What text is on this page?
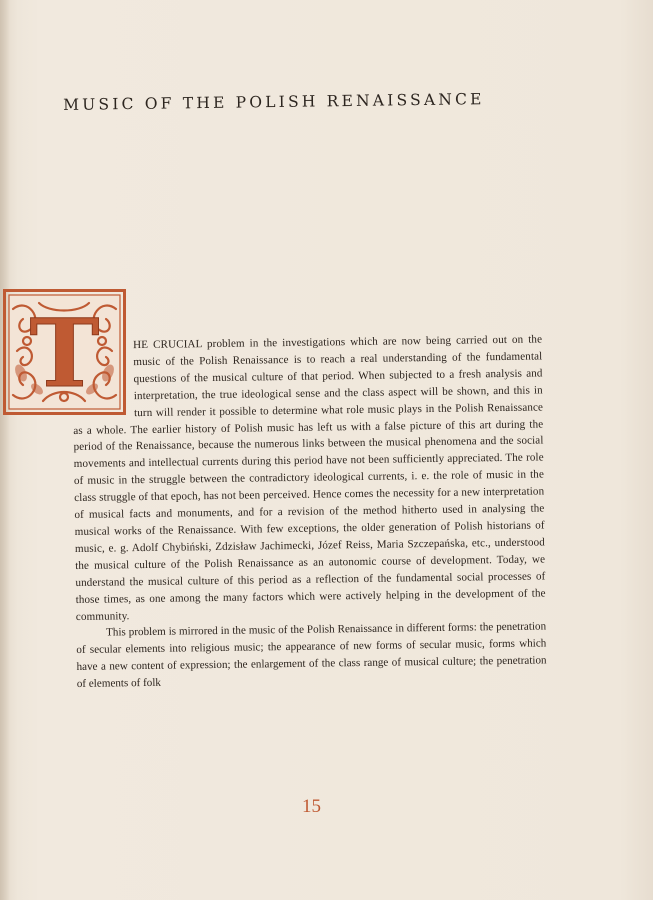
MUSIC OF THE POLISH RENAISSANCE
T	HE CRUCIAL problem in the investigations which are now being carried out on the music of the Polish Renaissance is to reach a real understanding of the fundamental questions of the musical culture of that period. When subjected to a fresh analysis and interpretation, the true ideological sense and the class aspect will be shown, and this in turn will render it possible to determine what role music plays in the Polish Renaissance as a whole. The earlier history of Polish music has left us with a false picture of this art during the period of the Renaissance, because the numerous links between the musical phenomena and the social movements and intellectual currents during this period have not been sufficiently appreciated. The role of music in the struggle between the contradictory ideological currents, i. e. the role of music in the class struggle of that epoch, has not been perceived. Hence comes the necessity for a new interpretation of musical facts and monuments, and for a revision of the method hitherto used in analysing the musical works of the Renaissance. With few exceptions, the older generation of Polish historians of music, e. g. Adolf Chybiński, Zdzisław Jachimecki, Józef Reiss, Maria Szczepańska, etc., understood the musical culture of the Polish Renaissance as an autonomic course of development. Today, we understand the musical culture of this period as a reflection of the fundamental social processes of those times, as one among the many factors which were actively helping in the development of the community.

This problem is mirrored in the music of the Polish Renaissance in different forms: the penetration of secular elements into religious music; the appearance of new forms of secular music, forms which have a new content of expression; the enlargement of the class range of musical culture; the penetration of elements of folk

15
